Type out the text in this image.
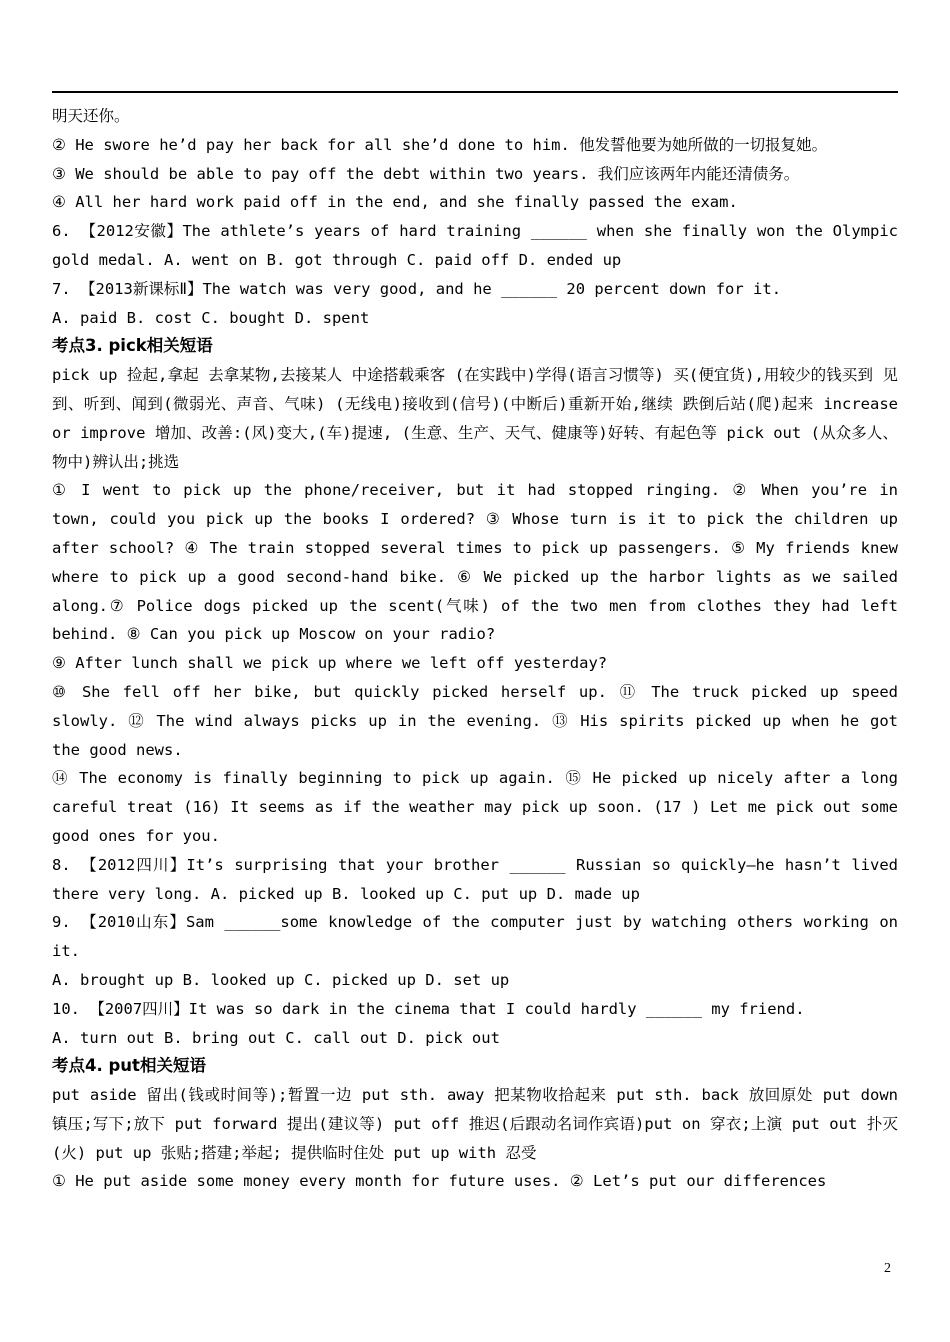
明天还你。

② He swore he’d pay her back for all she’d done to him. 他发誓他要为她所做的一切报复她。

③ We should be able to pay off the debt within two years. 我们应该两年内能还清债务。

④ All her hard work paid off in the end, and she finally passed the exam.

6. 【2012安徽】The athlete’s years of hard training ______ when she finally won the Olympic gold medal. A. went on B. got through C. paid off D. ended up

7. 【2013新课标Ⅱ】The watch was very good, and he ______ 20 percent down for it.

A. paid B. cost C. bought D. spent

考点3. pick相关短语

pick up 捡起,拿起 去拿某物,去接某人 中途搭载乘客 (在实践中)学得(语言习惯等) 买(便宜货),用较少的钱买到 见到、听到、闻到(微弱光、声音、气味) (无线电)接收到(信号)(中断后)重新开始,继续 跌倒后站(爬)起来 increase or improve 增加、改善:(风)变大,(车)提速, (生意、生产、天气、健康等)好转、有起色等 pick out (从众多人、物中)辨认出;挑选

① I went to pick up the phone/receiver, but it had stopped ringing. ② When you’re in town, could you pick up the books I ordered? ③ Whose turn is it to pick the children up after school? ④ The train stopped several times to pick up passengers. ⑤ My friends knew where to pick up a good second-hand bike. ⑥ We picked up the harbor lights as we sailed along.⑦ Police dogs picked up the scent(气味) of the two men from clothes they had left behind. ⑧ Can you pick up Moscow on your radio?

⑨ After lunch shall we pick up where we left off yesterday?

⑩ She fell off her bike, but quickly picked herself up. ⑪ The truck picked up speed slowly. ⑫ The wind always picks up in the evening. ⑬ His spirits picked up when he got the good news.

⑭ The economy is finally beginning to pick up again. ⑮ He picked up nicely after a long careful treat (16) It seems as if the weather may pick up soon. (17 ) Let me pick out some good ones for you.

8. 【2012四川】It’s surprising that your brother ______ Russian so quickly—he hasn’t lived there very long. A. picked up B. looked up C. put up D. made up

9. 【2010山东】Sam ______some knowledge of the computer just by watching others working on it.

A. brought up B. looked up C. picked up D. set up

10. 【2007四川】It was so dark in the cinema that I could hardly ______ my friend.

A. turn out B. bring out C. call out D. pick out

考点4. put相关短语

put aside 留出(钱或时间等);暂置一边 put sth. away 把某物收拾起来 put sth. back 放回原处 put down 镇压;写下;放下 put forward 提出(建议等) put off 推迟(后跟动名词作宾语)put on 穿衣;上演 put out 扑灭(火) put up 张贴;搭建;举起; 提供临时住处 put up with 忍受

① He put aside some money every month for future uses. ② Let’s put our differences

2
